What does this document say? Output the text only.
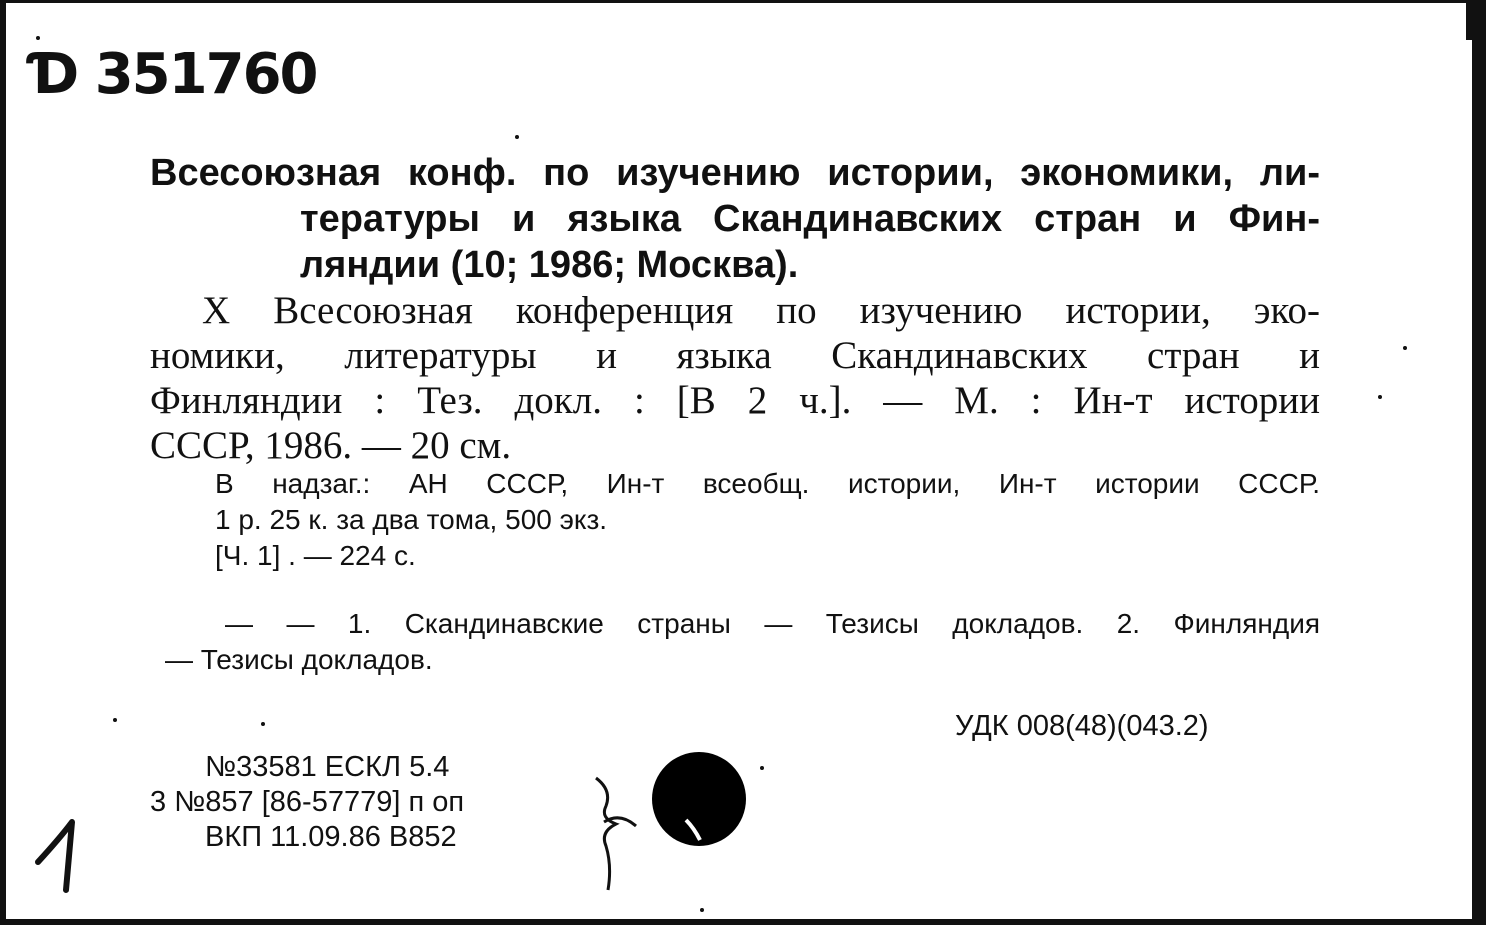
Ɗ 351760
Всесоюзная конф. по изучению истории, экономики, ли-
тературы и языка Скандинавских стран и Фин-
ляндии (10; 1986; Москва).
X Всесоюзная конференция по изучению истории, эко-
номики, литературы и языка Скандинавских стран и
Финляндии : Тез. докл. : [В 2 ч.]. — М. : Ин-т истории
СССР, 1986. — 20 см.
В надзаг.: АН СССР, Ин-т всеобщ. истории, Ин-т истории СССР.
1 р. 25 к. за два тома, 500 экз.
[Ч. 1] . — 224 с.
— — 1. Скандинавские страны — Тезисы докладов. 2. Финляндия
— Тезисы докладов.
УДК 008(48)(043.2)
№33581 ЕСКЛ 5.4
3 №857 [86-57779] п оп
ВКП 11.09.86 В852
